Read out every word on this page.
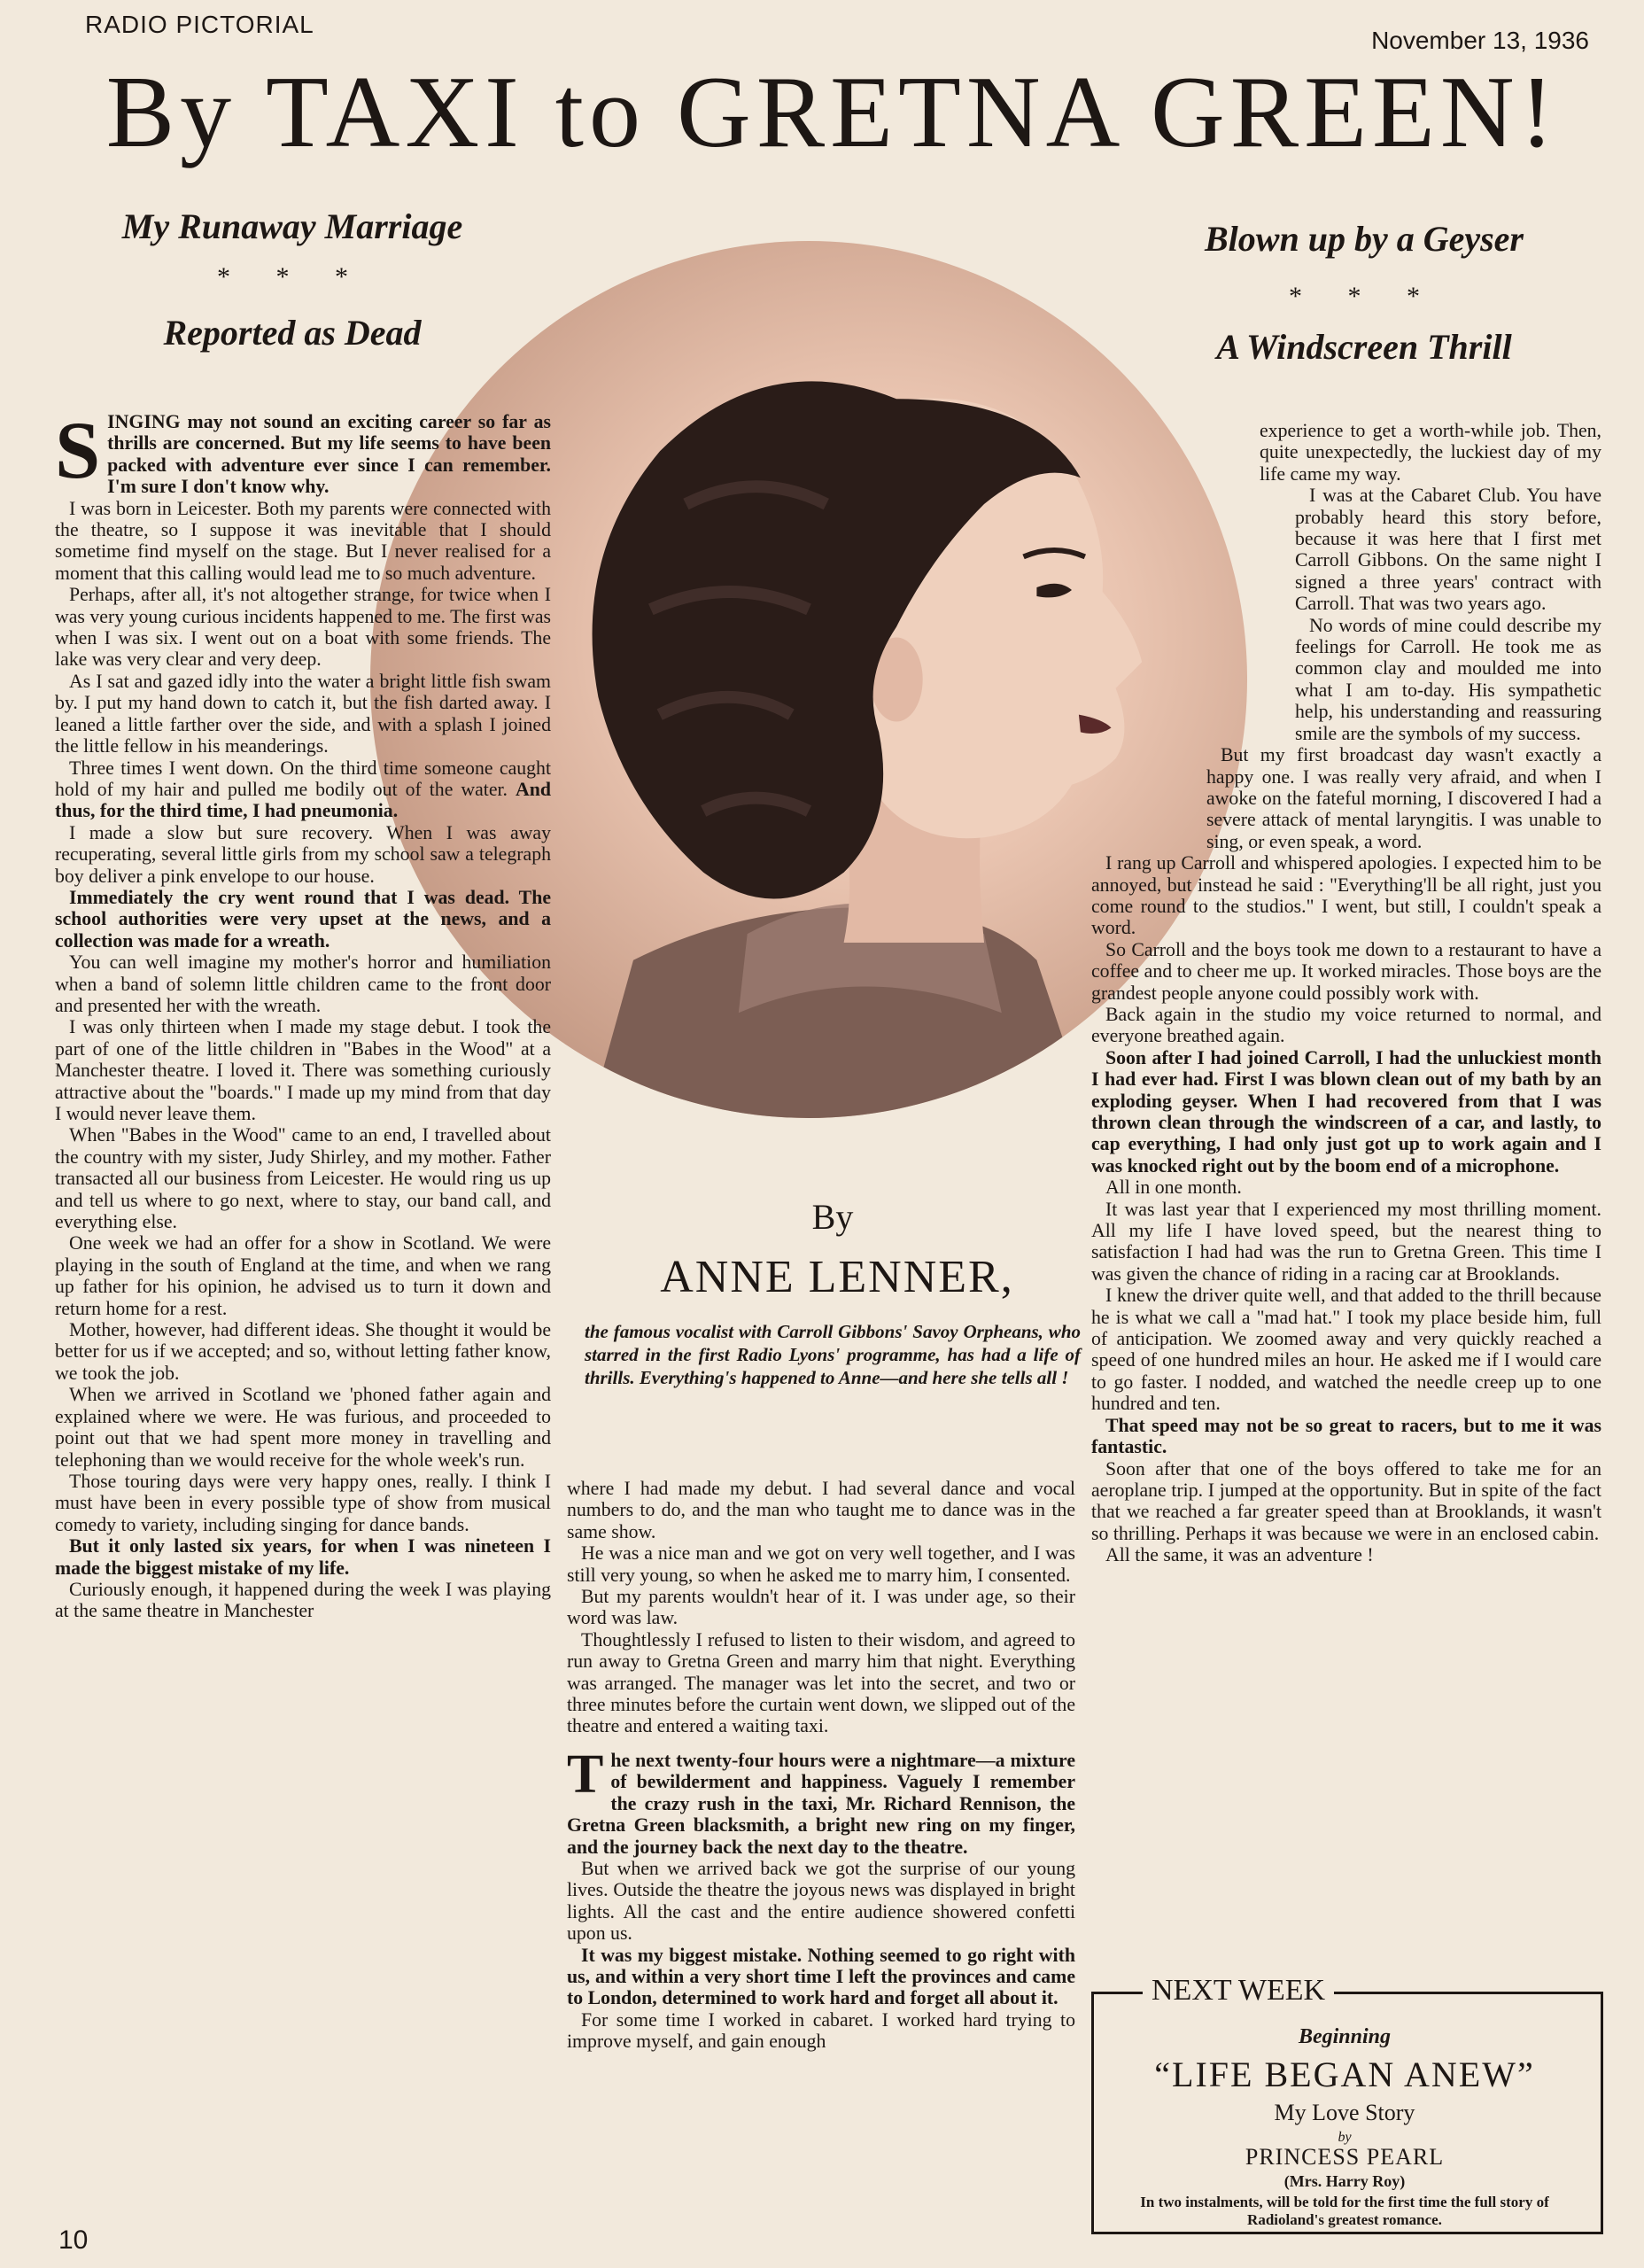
RADIO PICTORIAL
November 13, 1936
By TAXI to GRETNA GREEN!
My Runaway Marriage
* * *
Reported as Dead
Blown up by a Geyser
* * *
A Windscreen Thrill

SINGING may not sound an exciting career so far as thrills are concerned. But my life seems to have been packed with adventure ever since I can remember. I'm sure I don't know why.

I was born in Leicester. Both my parents were connected with the theatre, so I suppose it was inevitable that I should sometime find myself on the stage. But I never realised for a moment that this calling would lead me to so much adventure.

Perhaps, after all, it's not altogether strange, for twice when I was very young curious incidents happened to me. The first was when I was six. I went out on a boat with some friends. The lake was very clear and very deep.

As I sat and gazed idly into the water a bright little fish swam by. I put my hand down to catch it, but the fish darted away. I leaned a little farther over the side, and with a splash I joined the little fellow in his meanderings.

Three times I went down. On the third time someone caught hold of my hair and pulled me bodily out of the water. And thus, for the third time, I had pneumonia.

I made a slow but sure recovery. When I was away recuperating, several little girls from my school saw a telegraph boy deliver a pink envelope to our house.

Immediately the cry went round that I was dead. The school authorities were very upset at the news, and a collection was made for a wreath.

You can well imagine my mother's horror and humiliation when a band of solemn little children came to the front door and presented her with the wreath.

I was only thirteen when I made my stage debut. I took the part of one of the little children in "Babes in the Wood" at a Manchester theatre. I loved it. There was something curiously attractive about the "boards." I made up my mind from that day I would never leave them.

When "Babes in the Wood" came to an end, I travelled about the country with my sister, Judy Shirley, and my mother. Father transacted all our business from Leicester. He would ring us up and tell us where to go next, where to stay, our band call, and everything else.

One week we had an offer for a show in Scotland. We were playing in the south of England at the time, and when we rang up father for his opinion, he advised us to turn it down and return home for a rest.

Mother, however, had different ideas. She thought it would be better for us if we accepted; and so, without letting father know, we took the job.

When we arrived in Scotland we 'phoned father again and explained where we were. He was furious, and proceeded to point out that we had spent more money in travelling and telephoning than we would receive for the whole week's run.

Those touring days were very happy ones, really. I think I must have been in every possible type of show from musical comedy to variety, including singing for dance bands.

But it only lasted six years, for when I was nineteen I made the biggest mistake of my life.

Curiously enough, it happened during the week I was playing at the same theatre in Manchester

By
ANNE LENNER,
the famous vocalist with Carroll Gibbons' Savoy Orpheans, who starred in the first Radio Lyons' programme, has had a life of thrills. Everything's happened to Anne—and here she tells all !

where I had made my debut. I had several dance and vocal numbers to do, and the man who taught me to dance was in the same show.

He was a nice man and we got on very well together, and I was still very young, so when he asked me to marry him, I consented.

But my parents wouldn't hear of it. I was under age, so their word was law.

Thoughtlessly I refused to listen to their wisdom, and agreed to run away to Gretna Green and marry him that night. Everything was arranged. The manager was let into the secret, and two or three minutes before the curtain went down, we slipped out of the theatre and entered a waiting taxi.

The next twenty-four hours were a nightmare—a mixture of bewilderment and happiness. Vaguely I remember the crazy rush in the taxi, Mr. Richard Rennison, the Gretna Green blacksmith, a bright new ring on my finger, and the journey back the next day to the theatre.

But when we arrived back we got the surprise of our young lives. Outside the theatre the joyous news was displayed in bright lights. All the cast and the entire audience showered confetti upon us.

It was my biggest mistake. Nothing seemed to go right with us, and within a very short time I left the provinces and came to London, determined to work hard and forget all about it.

For some time I worked in cabaret. I worked hard trying to improve myself, and gain enough

experience to get a worth-while job. Then, quite unexpectedly, the luckiest day of my life came my way.

I was at the Cabaret Club. You have probably heard this story before, because it was here that I first met Carroll Gibbons. On the same night I signed a three years' contract with Carroll. That was two years ago.

No words of mine could describe my feelings for Carroll. He took me as common clay and moulded me into what I am to-day. His sympathetic help, his understanding and reassuring smile are the symbols of my success.

But my first broadcast day wasn't exactly a happy one. I was really very afraid, and when I awoke on the fateful morning, I discovered I had a severe attack of mental laryngitis. I was unable to sing, or even speak, a word.

I rang up Carroll and whispered apologies. I expected him to be annoyed, but instead he said : "Everything'll be all right, just you come round to the studios." I went, but still, I couldn't speak a word.

So Carroll and the boys took me down to a restaurant to have a coffee and to cheer me up. It worked miracles. Those boys are the grandest people anyone could possibly work with.

Back again in the studio my voice returned to normal, and everyone breathed again.

Soon after I had joined Carroll, I had the unluckiest month I had ever had. First I was blown clean out of my bath by an exploding geyser. When I had recovered from that I was thrown clean through the windscreen of a car, and lastly, to cap everything, I had only just got up to work again and I was knocked right out by the boom end of a microphone.

All in one month.

It was last year that I experienced my most thrilling moment. All my life I have loved speed, but the nearest thing to satisfaction I had had was the run to Gretna Green. This time I was given the chance of riding in a racing car at Brooklands.

I knew the driver quite well, and that added to the thrill because he is what we call a "mad hat." I took my place beside him, full of anticipation. We zoomed away and very quickly reached a speed of one hundred miles an hour. He asked me if I would care to go faster. I nodded, and watched the needle creep up to one hundred and ten.

That speed may not be so great to racers, but to me it was fantastic.

Soon after that one of the boys offered to take me for an aeroplane trip. I jumped at the opportunity. But in spite of the fact that we reached a far greater speed than at Brooklands, it wasn't so thrilling. Perhaps it was because we were in an enclosed cabin.

All the same, it was an adventure !

NEXT WEEK
Beginning
“LIFE BEGAN ANEW”
My Love Story
by
PRINCESS PEARL
(Mrs. Harry Roy)
In two instalments, will be told for the first time the full story of Radioland's greatest romance.
10
